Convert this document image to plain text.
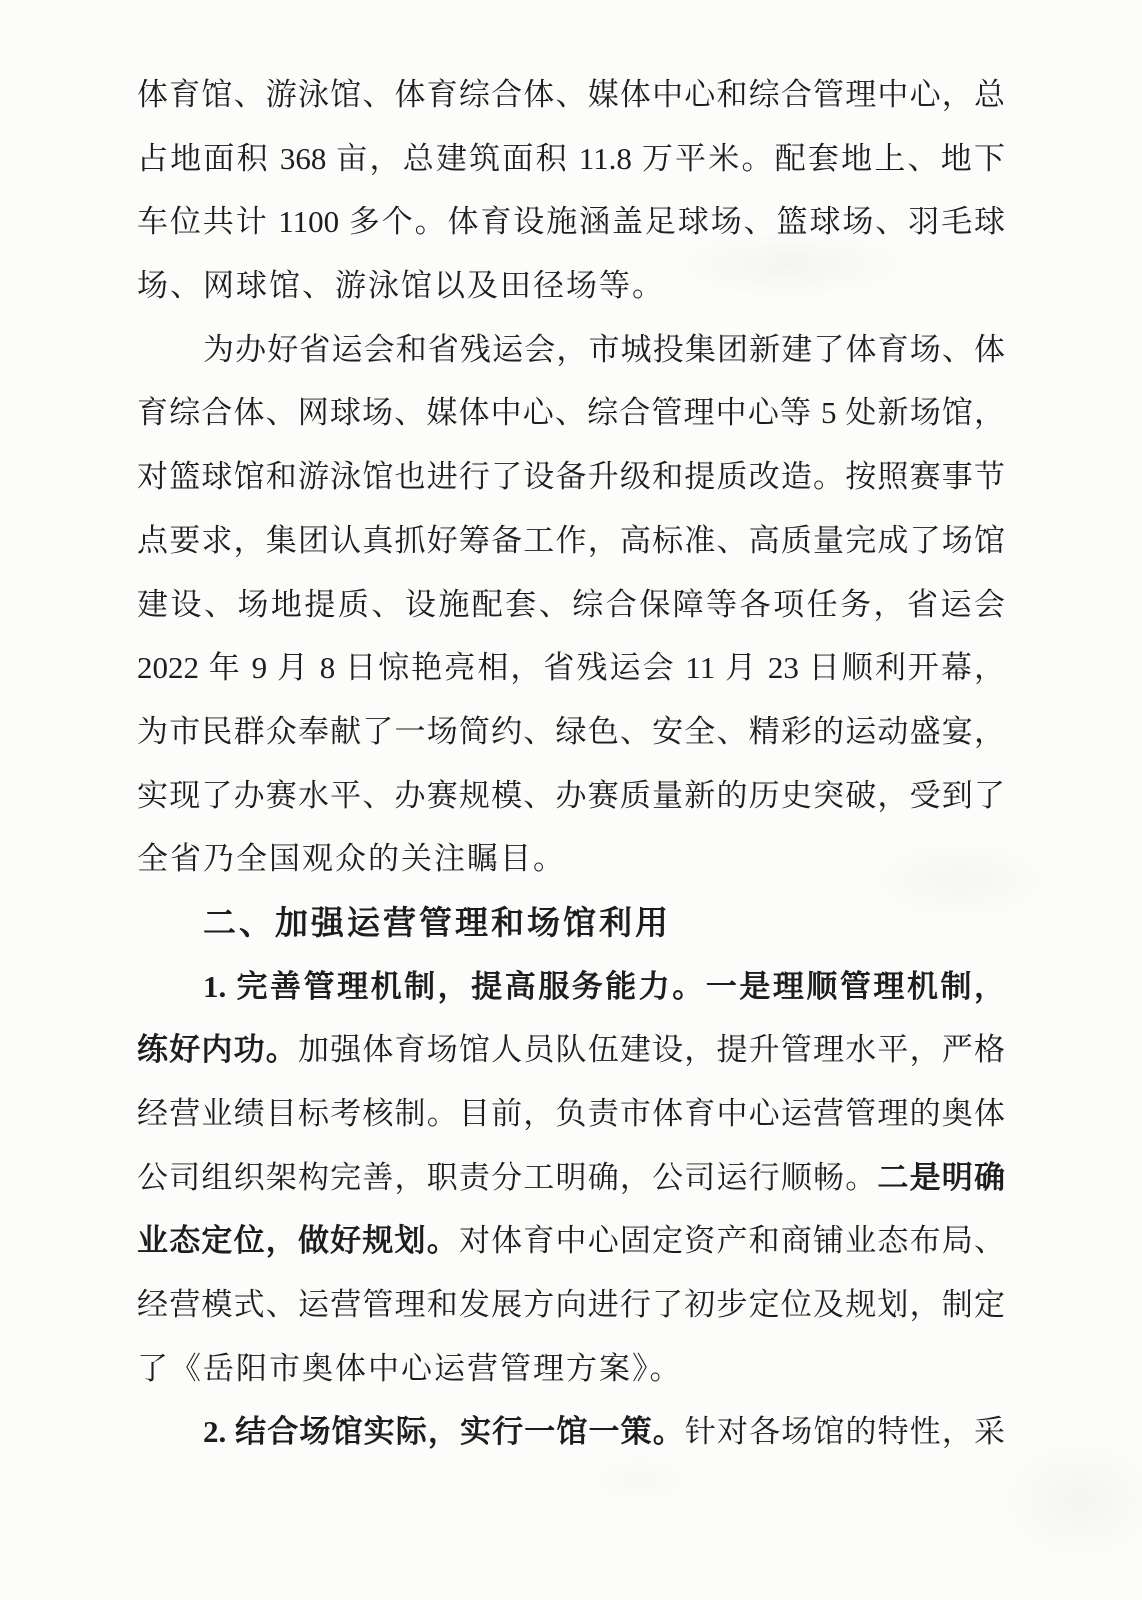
体育馆、游泳馆、体育综合体、媒体中心和综合管理中心，总
占地面积 368 亩，总建筑面积 11.8 万平米。配套地上、地下
车位共计 1100 多个。体育设施涵盖足球场、篮球场、羽毛球
场、网球馆、游泳馆以及田径场等。
为办好省运会和省残运会，市城投集团新建了体育场、体
育综合体、网球场、媒体中心、综合管理中心等 5 处新场馆，
对篮球馆和游泳馆也进行了设备升级和提质改造。按照赛事节
点要求，集团认真抓好筹备工作，高标准、高质量完成了场馆
建设、场地提质、设施配套、综合保障等各项任务，省运会
2022 年 9 月 8 日惊艳亮相，省残运会 11 月 23 日顺利开幕，
为市民群众奉献了一场简约、绿色、安全、精彩的运动盛宴，
实现了办赛水平、办赛规模、办赛质量新的历史突破，受到了
全省乃全国观众的关注瞩目。
二、加强运营管理和场馆利用
1. 完善管理机制，提高服务能力。一是理顺管理机制，
练好内功。加强体育场馆人员队伍建设，提升管理水平，严格
经营业绩目标考核制。目前，负责市体育中心运营管理的奥体
公司组织架构完善，职责分工明确，公司运行顺畅。二是明确
业态定位，做好规划。对体育中心固定资产和商铺业态布局、
经营模式、运营管理和发展方向进行了初步定位及规划，制定
了《岳阳市奥体中心运营管理方案》。
2. 结合场馆实际，实行一馆一策。针对各场馆的特性，采
